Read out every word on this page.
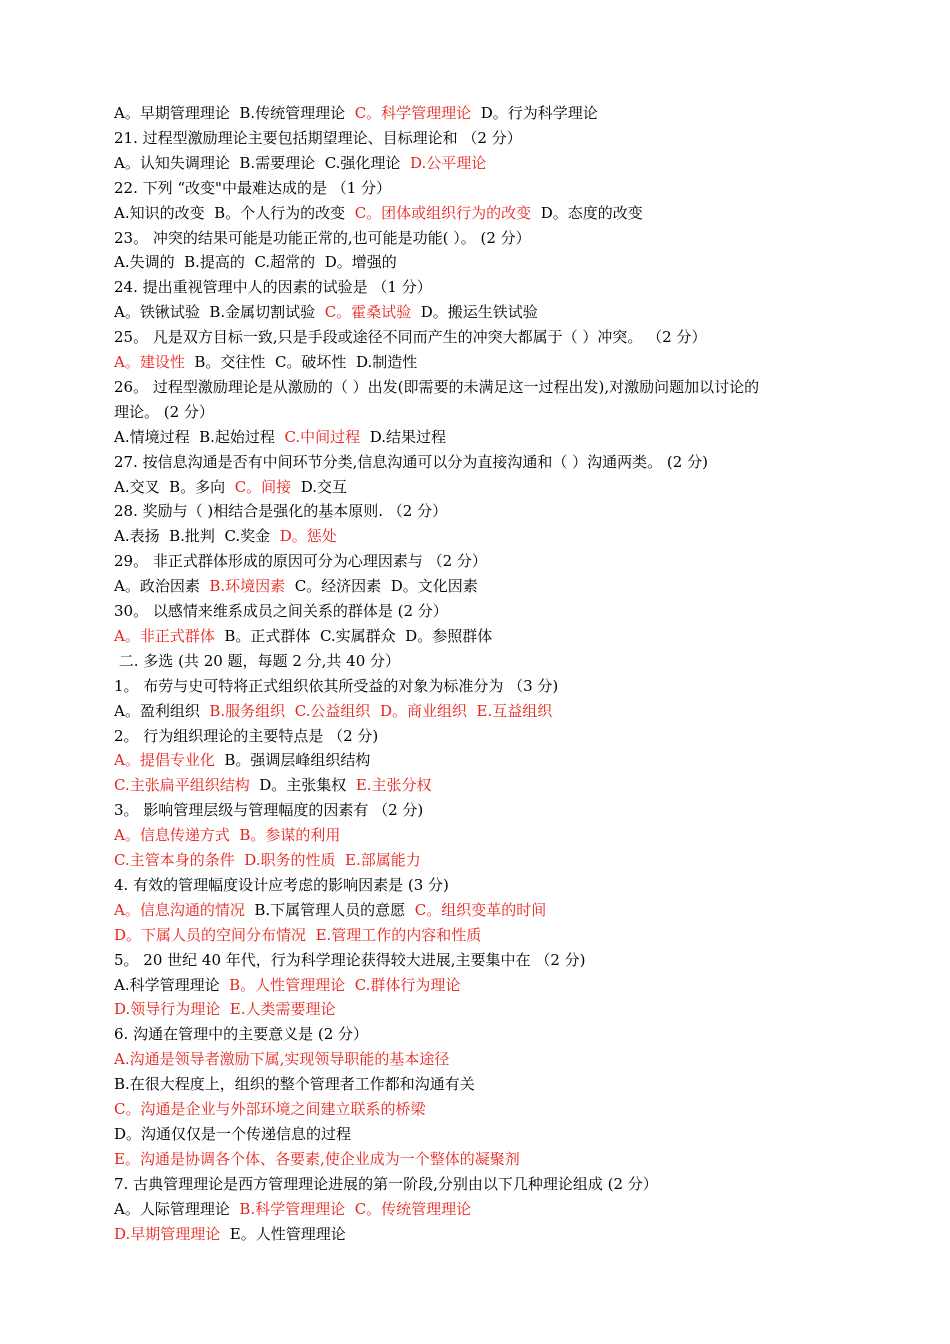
A。早期管理理论  B.传统管理理论  C。科学管理理论  D。行为科学理论
21. 过程型激励理论主要包括期望理论、目标理论和 （2 分）
A。认知失调理论  B.需要理论  C.强化理论  D.公平理论
22. 下列 “改变"中最难达成的是 （1 分）
A.知识的改变  B。个人行为的改变  C。团体或组织行为的改变  D。态度的改变
23。 冲突的结果可能是功能正常的,也可能是功能( ）。 (2 分）
A.失调的  B.提高的  C.超常的  D。增强的
24. 提出重视管理中人的因素的试验是 （1 分）
A。铁锹试验  B.金属切割试验  C。霍桑试验  D。搬运生铁试验
25。 凡是双方目标一致,只是手段或途径不同而产生的冲突大都属于（ ）冲突。 （2 分）
A。建设性  B。交往性  C。破坏性  D.制造性
26。 过程型激励理论是从激励的（ ）出发(即需要的未满足这一过程出发),对激励问题加以讨论的
理论。 (2 分）
A.情境过程  B.起始过程  C.中间过程  D.结果过程
27. 按信息沟通是否有中间环节分类,信息沟通可以分为直接沟通和（ ）沟通两类。 (2 分)
A.交叉  B。多向  C。间接  D.交互
28. 奖励与（ )相结合是强化的基本原则. （2 分）
A.表扬  B.批判  C.奖金  D。惩处
29。 非正式群体形成的原因可分为心理因素与 （2 分）
A。政治因素  B.环境因素  C。经济因素  D。文化因素
30。 以感情来维系成员之间关系的群体是 (2 分）
A。非正式群体  B。正式群体  C.实属群众  D。参照群体
二. 多选 (共 20 题，每题 2 分,共 40 分）
1。 布劳与史可特将正式组织依其所受益的对象为标准分为 （3 分)
A。盈利组织  B.服务组织  C.公益组织  D。商业组织  E.互益组织
2。 行为组织理论的主要特点是 （2 分)
A。提倡专业化  B。强调层峰组织结构
C.主张扁平组织结构  D。主张集权  E.主张分权
3。 影响管理层级与管理幅度的因素有 （2 分)
A。信息传递方式  B。参谋的利用
C.主管本身的条件  D.职务的性质  E.部属能力
4. 有效的管理幅度设计应考虑的影响因素是 (3 分)
A。信息沟通的情况  B.下属管理人员的意愿  C。组织变革的时间
D。下属人员的空间分布情况  E.管理工作的内容和性质
5。 20 世纪 40 年代，行为科学理论获得较大进展,主要集中在 （2 分)
A.科学管理理论  B。人性管理理论  C.群体行为理论
D.领导行为理论  E.人类需要理论
6. 沟通在管理中的主要意义是 (2 分）
A.沟通是领导者激励下属,实现领导职能的基本途径
B.在很大程度上，组织的整个管理者工作都和沟通有关
C。沟通是企业与外部环境之间建立联系的桥梁
D。沟通仅仅是一个传递信息的过程
E。沟通是协调各个体、各要素,使企业成为一个整体的凝聚剂
7. 古典管理理论是西方管理理论进展的第一阶段,分别由以下几种理论组成 (2 分）
A。人际管理理论  B.科学管理理论  C。传统管理理论
D.早期管理理论  E。人性管理理论
